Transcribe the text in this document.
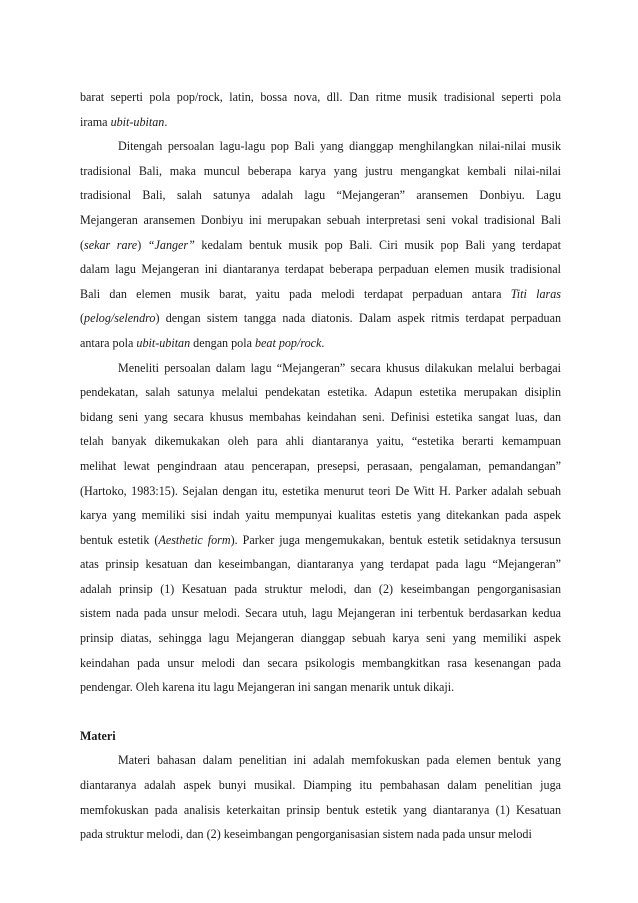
barat seperti pola pop/rock, latin, bossa nova, dll. Dan ritme musik tradisional seperti pola
irama ubit-ubitan.
Ditengah persoalan lagu-lagu pop Bali yang dianggap menghilangkan nilai-nilai musik
tradisional Bali, maka muncul beberapa karya yang justru mengangkat kembali nilai-nilai
tradisional Bali, salah satunya adalah lagu “Mejangeran” aransemen Donbiyu. Lagu
Mejangeran aransemen Donbiyu ini merupakan sebuah interpretasi seni vokal tradisional Bali
(sekar rare) “Janger” kedalam bentuk musik pop Bali. Ciri musik pop Bali yang terdapat
dalam lagu Mejangeran ini diantaranya terdapat beberapa perpaduan elemen musik tradisional
Bali dan elemen musik barat, yaitu pada melodi terdapat perpaduan antara Titi laras
(pelog/selendro) dengan sistem tangga nada diatonis. Dalam aspek ritmis terdapat perpaduan
antara pola ubit-ubitan dengan pola beat pop/rock.
Meneliti persoalan dalam lagu “Mejangeran” secara khusus dilakukan melalui berbagai
pendekatan, salah satunya melalui pendekatan estetika. Adapun estetika merupakan disiplin
bidang seni yang secara khusus membahas keindahan seni. Definisi estetika sangat luas, dan
telah banyak dikemukakan oleh para ahli diantaranya yaitu, “estetika berarti kemampuan
melihat lewat pengindraan atau pencerapan, presepsi, perasaan, pengalaman, pemandangan”
(Hartoko, 1983:15). Sejalan dengan itu, estetika menurut teori De Witt H. Parker adalah sebuah
karya yang memiliki sisi indah yaitu mempunyai kualitas estetis yang ditekankan pada aspek
bentuk estetik (Aesthetic form). Parker juga mengemukakan, bentuk estetik setidaknya tersusun
atas prinsip kesatuan dan keseimbangan, diantaranya yang terdapat pada lagu “Mejangeran”
adalah prinsip (1) Kesatuan pada struktur melodi, dan (2) keseimbangan pengorganisasian
sistem nada pada unsur melodi. Secara utuh, lagu Mejangeran ini terbentuk berdasarkan kedua
prinsip diatas, sehingga lagu Mejangeran dianggap sebuah karya seni yang memiliki aspek
keindahan pada unsur melodi dan secara psikologis membangkitkan rasa kesenangan pada
pendengar. Oleh karena itu lagu Mejangeran ini sangan menarik untuk dikaji.
Materi
Materi bahasan dalam penelitian ini adalah memfokuskan pada elemen bentuk yang
diantaranya adalah aspek bunyi musikal. Diamping itu pembahasan dalam penelitian juga
memfokuskan pada analisis keterkaitan prinsip bentuk estetik yang diantaranya (1) Kesatuan
pada struktur melodi, dan (2) keseimbangan pengorganisasian sistem nada pada unsur melodi
